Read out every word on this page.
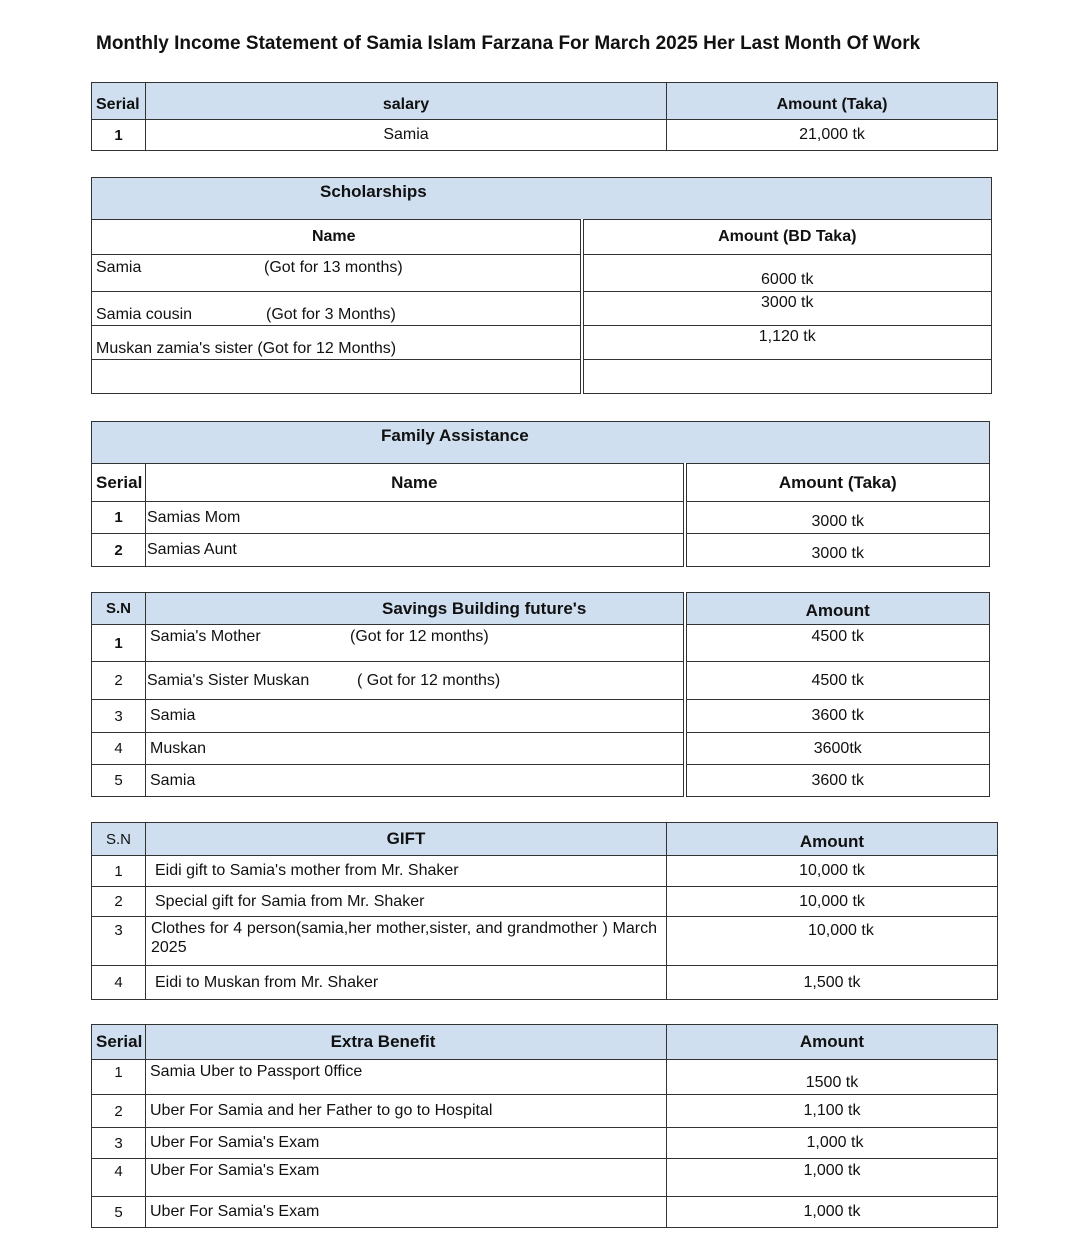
Monthly Income Statement of Samia Islam Farzana For March 2025 Her Last Month Of Work
Serial	salary	Amount (Taka)
1	Samia	21,000 tk
Scholarships	
Name	Amount (BD Taka)
Samia (Got for 13 months)	6000 tk
Samia cousin (Got for 3 Months)	3000 tk
Muskan zamia's sister (Got for 12 Months)	1,120 tk

Family Assistance		
Serial	Name	Amount (Taka)
1	Samias Mom	3000 tk
2	Samias Aunt	3000 tk
S.N	Savings Building future's	Amount
1	Samia's Mother (Got for 12 months)	4500 tk
2	Samia's Sister Muskan ( Got for 12 months)	4500 tk
3	Samia	3600 tk
4	Muskan	3600tk
5	Samia	3600 tk
S.N	GIFT	Amount
1	Eidi gift to Samia's mother from Mr. Shaker	10,000 tk
2	Special gift for Samia from Mr. Shaker	10,000 tk
3	Clothes for 4 person(samia,her mother,sister, and grandmother ) March 2025	10,000 tk
4	Eidi to Muskan from Mr. Shaker	1,500 tk
Serial	Extra Benefit	Amount
1	Samia Uber to Passport 0ffice	1500 tk
2	Uber For Samia and her Father to go to Hospital	1,100 tk
3	Uber For Samia's Exam	1,000 tk
4	Uber For Samia's Exam	1,000 tk
5	Uber For Samia's Exam	1,000 tk
